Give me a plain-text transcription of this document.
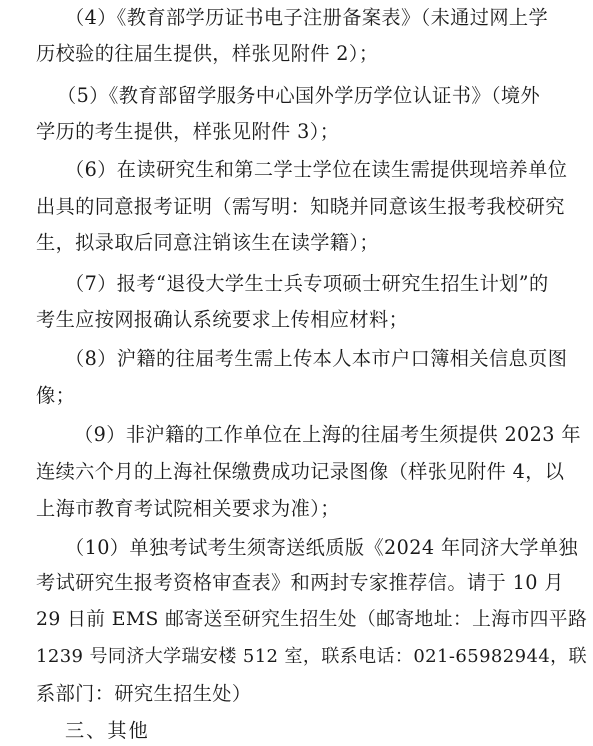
（4）《教育部学历证书电子注册备案表》（未通过网上学
历校验的往届生提供，样张见附件 2）；
（5）《教育部留学服务中心国外学历学位认证书》（境外
学历的考生提供，样张见附件 3）；
（6）在读研究生和第二学士学位在读生需提供现培养单位
出具的同意报考证明（需写明：知晓并同意该生报考我校研究
生，拟录取后同意注销该生在读学籍）；
（7）报考“退役大学生士兵专项硕士研究生招生计划”的
考生应按网报确认系统要求上传相应材料；
（8）沪籍的往届考生需上传本人本市户口簿相关信息页图
像；
（9）非沪籍的工作单位在上海的往届考生须提供 2023 年
连续六个月的上海社保缴费成功记录图像（样张见附件 4，以
上海市教育考试院相关要求为准）；
（10）单独考试考生须寄送纸质版《2024 年同济大学单独
考试研究生报考资格审查表》和两封专家推荐信。请于 10 月
29 日前 EMS 邮寄送至研究生招生处（邮寄地址：上海市四平路
1239 号同济大学瑞安楼 512 室，联系电话：021-65982944，联
系部门：研究生招生处）
三、其他
